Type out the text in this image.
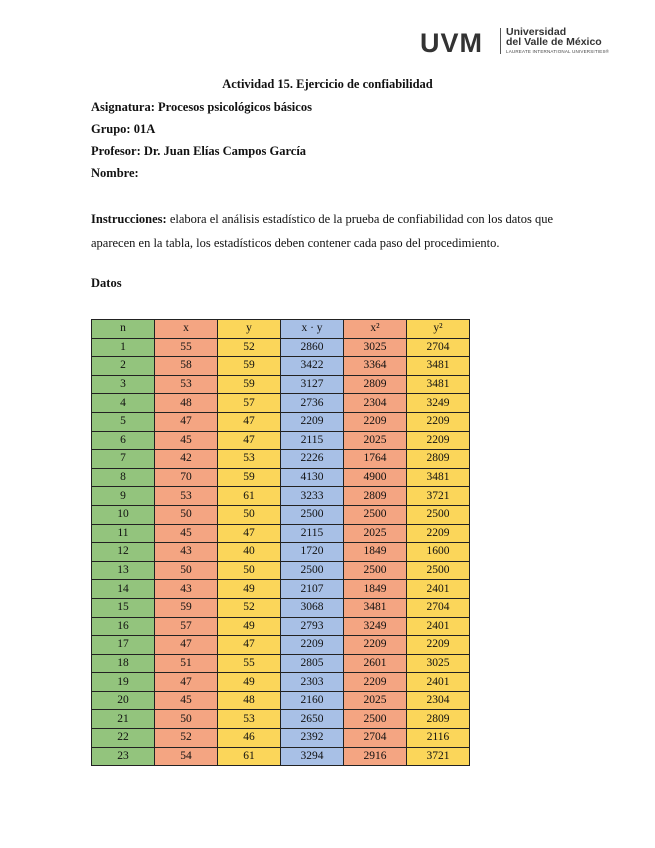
UVM Universidad
del Valle de México
LAUREATE INTERNATIONAL UNIVERSITIES®
Actividad 15. Ejercicio de confiabilidad
Asignatura: Procesos psicológicos básicos
Grupo: 01A
Profesor: Dr. Juan Elías Campos García
Nombre:
Instrucciones: elabora el análisis estadístico de la prueba de confiabilidad con los datos que aparecen en la tabla, los estadísticos deben contener cada paso del procedimiento.
Datos
n	x	y	x · y	x²	y²
1	55	52	2860	3025	2704
2	58	59	3422	3364	3481
3	53	59	3127	2809	3481
4	48	57	2736	2304	3249
5	47	47	2209	2209	2209
6	45	47	2115	2025	2209
7	42	53	2226	1764	2809
8	70	59	4130	4900	3481
9	53	61	3233	2809	3721
10	50	50	2500	2500	2500
11	45	47	2115	2025	2209
12	43	40	1720	1849	1600
13	50	50	2500	2500	2500
14	43	49	2107	1849	2401
15	59	52	3068	3481	2704
16	57	49	2793	3249	2401
17	47	47	2209	2209	2209
18	51	55	2805	2601	3025
19	47	49	2303	2209	2401
20	45	48	2160	2025	2304
21	50	53	2650	2500	2809
22	52	46	2392	2704	2116
23	54	61	3294	2916	3721
